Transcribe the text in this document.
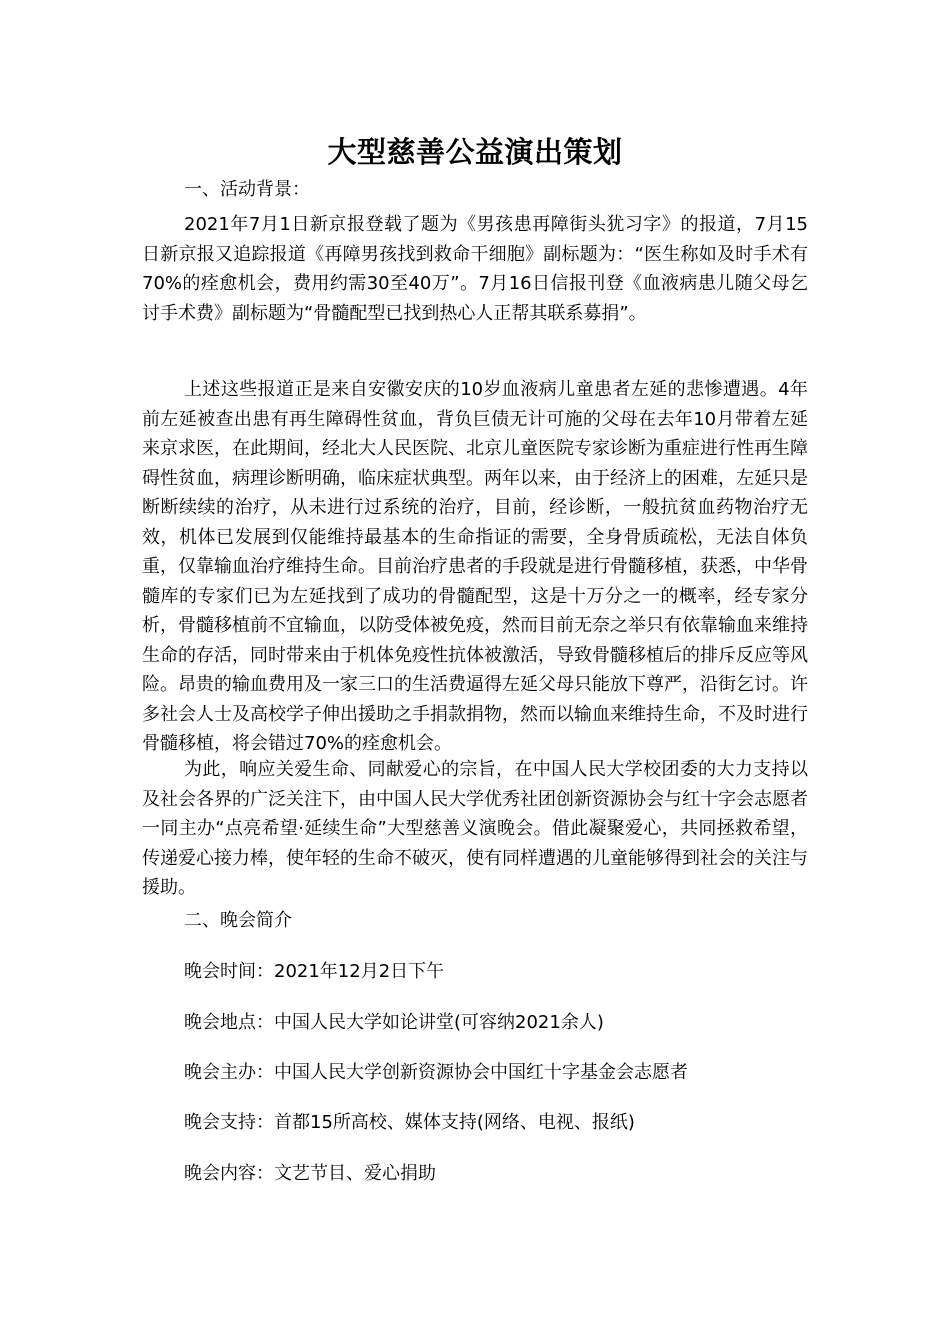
大型慈善公益演出策划
一、活动背景：

2021年7月1日新京报登载了题为《男孩患再障街头犹习字》的报道，7月15日新京报又追踪报道《再障男孩找到救命干细胞》副标题为：“医生称如及时手术有70%的痊愈机会，费用约需30至40万”。7月16日信报刊登《血液病患儿随父母乞讨手术费》副标题为“骨髓配型已找到热心人正帮其联系募捐”。

上述这些报道正是来自安徽安庆的10岁血液病儿童患者左延的悲惨遭遇。4年前左延被查出患有再生障碍性贫血，背负巨债无计可施的父母在去年10月带着左延来京求医，在此期间，经北大人民医院、北京儿童医院专家诊断为重症进行性再生障碍性贫血，病理诊断明确，临床症状典型。两年以来，由于经济上的困难，左延只是断断续续的治疗，从未进行过系统的治疗，目前，经诊断，一般抗贫血药物治疗无效，机体已发展到仅能维持最基本的生命指证的需要，全身骨质疏松，无法自体负重，仅靠输血治疗维持生命。目前治疗患者的手段就是进行骨髓移植，获悉，中华骨髓库的专家们已为左延找到了成功的骨髓配型，这是十万分之一的概率，经专家分析，骨髓移植前不宜输血，以防受体被免疫，然而目前无奈之举只有依靠输血来维持生命的存活，同时带来由于机体免疫性抗体被激活，导致骨髓移植后的排斥反应等风险。昂贵的输血费用及一家三口的生活费逼得左延父母只能放下尊严，沿街乞讨。许多社会人士及高校学子伸出援助之手捐款捐物，然而以输血来维持生命，不及时进行骨髓移植，将会错过70%的痊愈机会。

为此，响应关爱生命、同献爱心的宗旨，在中国人民大学校团委的大力支持以及社会各界的广泛关注下，由中国人民大学优秀社团创新资源协会与红十字会志愿者一同主办“点亮希望·延续生命”大型慈善义演晚会。借此凝聚爱心，共同拯救希望，传递爱心接力棒，使年轻的生命不破灭，使有同样遭遇的儿童能够得到社会的关注与援助。

二、晚会简介
晚会时间：2021年12月2日下午
晚会地点：中国人民大学如论讲堂(可容纳2021余人)
晚会主办：中国人民大学创新资源协会中国红十字基金会志愿者
晚会支持：首都15所高校、媒体支持(网络、电视、报纸)
晚会内容：文艺节目、爱心捐助
